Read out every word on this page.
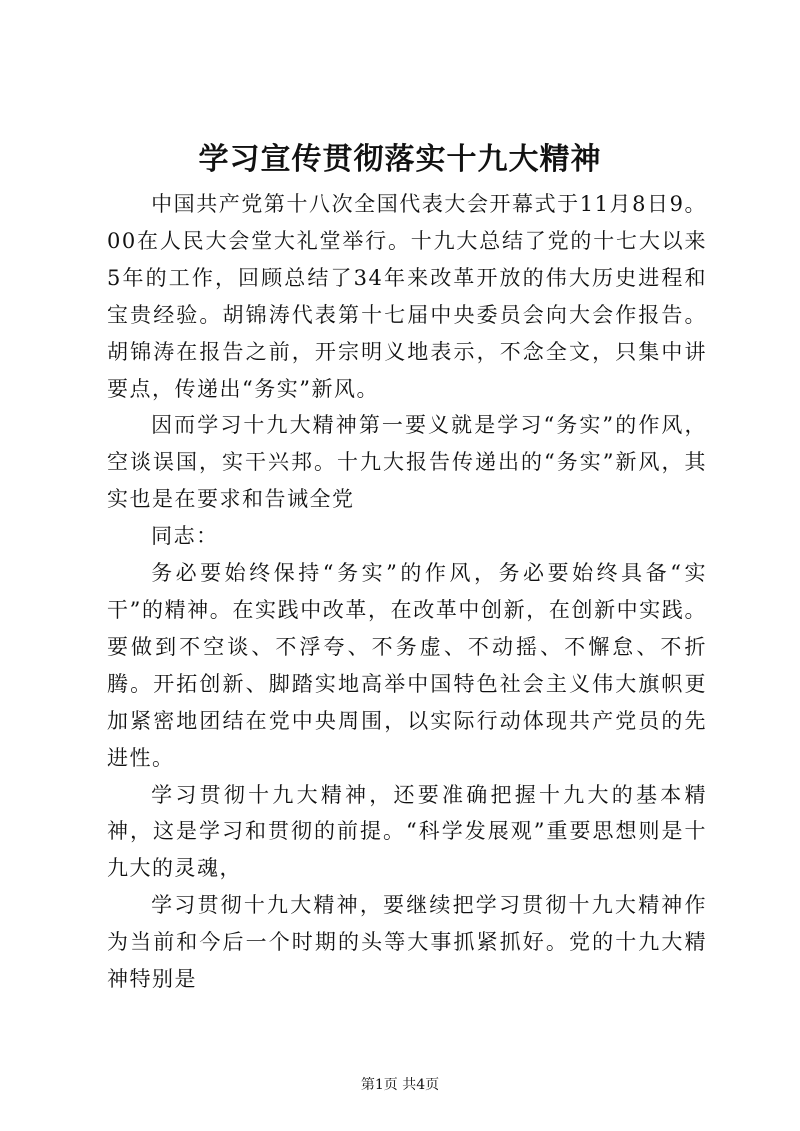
学习宣传贯彻落实十九大精神

中国共产党第十八次全国代表大会开幕式于11月8日9。00在人民大会堂大礼堂举行。十九大总结了党的十七大以来5年的工作，回顾总结了34年来改革开放的伟大历史进程和宝贵经验。胡锦涛代表第十七届中央委员会向大会作报告。胡锦涛在报告之前，开宗明义地表示，不念全文，只集中讲要点，传递出“务实”新风。

因而学习十九大精神第一要义就是学习“务实”的作风，空谈误国，实干兴邦。十九大报告传递出的“务实”新风，其实也是在要求和告诫全党

同志：

务必要始终保持“务实”的作风，务必要始终具备“实干”的精神。在实践中改革，在改革中创新，在创新中实践。要做到不空谈、不浮夸、不务虚、不动摇、不懈怠、不折腾。开拓创新、脚踏实地高举中国特色社会主义伟大旗帜更加紧密地团结在党中央周围，以实际行动体现共产党员的先进性。

学习贯彻十九大精神，还要准确把握十九大的基本精神，这是学习和贯彻的前提。“科学发展观”重要思想则是十九大的灵魂，

学习贯彻十九大精神，要继续把学习贯彻十九大精神作为当前和今后一个时期的头等大事抓紧抓好。党的十九大精神特别是

第1页 共4页
